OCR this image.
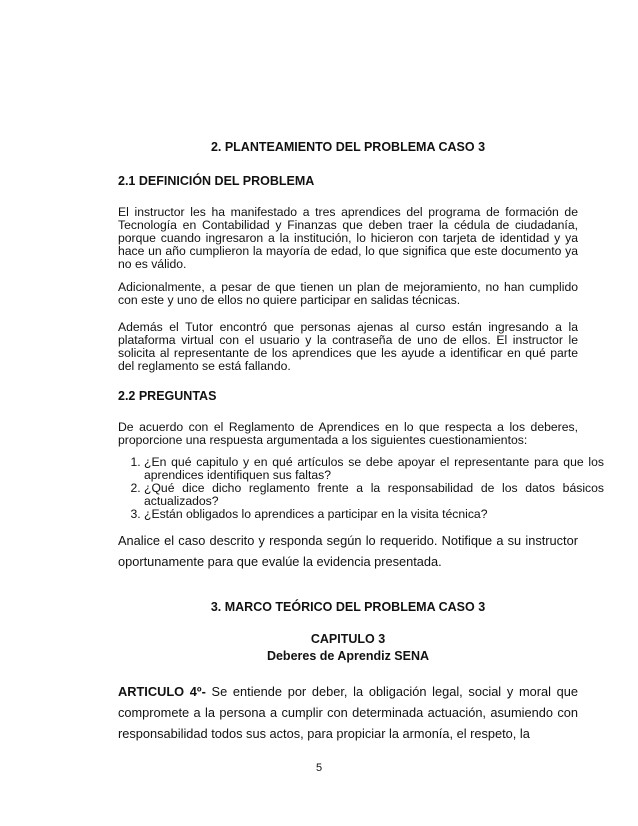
2. PLANTEAMIENTO DEL PROBLEMA CASO 3
2.1 DEFINICIÓN DEL PROBLEMA

El instructor les ha manifestado a tres aprendices del programa de formación de Tecnología en Contabilidad y Finanzas que deben traer la cédula de ciudadanía, porque cuando ingresaron a la institución, lo hicieron con tarjeta de identidad y ya hace un año cumplieron la mayoría de edad, lo que significa que este documento ya no es válido.

Adicionalmente, a pesar de que tienen un plan de mejoramiento, no han cumplido con este y uno de ellos no quiere participar en salidas técnicas.

Además el Tutor encontró que personas ajenas al curso están ingresando a la plataforma virtual con el usuario y la contraseña de uno de ellos. El instructor le solicita al representante de los aprendices que les ayude a identificar en qué parte del reglamento se está fallando.

2.2 PREGUNTAS

De acuerdo con el Reglamento de Aprendices en lo que respecta a los deberes, proporcione una respuesta argumentada a los siguientes cuestionamientos:

1. ¿En qué capitulo y en qué artículos se debe apoyar el representante para que los aprendices identifiquen sus faltas?
2. ¿Qué dice dicho reglamento frente a la responsabilidad de los datos básicos actualizados?
3. ¿Están obligados lo aprendices a participar en la visita técnica?

Analice el caso descrito y responda según lo requerido. Notifique a su instructor oportunamente para que evalúe la evidencia presentada.

3. MARCO TEÓRICO DEL PROBLEMA CASO 3
CAPITULO 3
Deberes de Aprendiz SENA

ARTICULO 4º- Se entiende por deber, la obligación legal, social y moral que compromete a la persona a cumplir con determinada actuación, asumiendo con responsabilidad todos sus actos, para propiciar la armonía, el respeto, la

5
